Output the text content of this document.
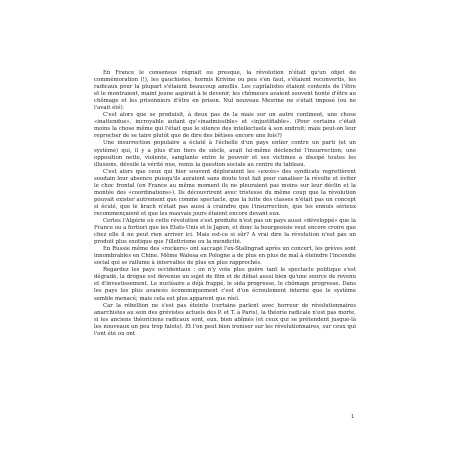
En France le consensus régnait ou presque, la révolution n'était qu'un objet de commémoration (!), les gauchistes, hormis Krivine ou peu s'en faut, s'étaient reconvertis, les radicaux pour la plupart s'étaient beaucoup amollis. Les capitalistes étaient contents de l'être et le montraient, maint jeune aspirait à le devenir, les chômeurs avaient souvent honte d'être au chômage et les prisonniers d'être en prison. Nul nouveau Mesrine ne s'était imposé (ou ne l'avait été).

C'est alors que se produisit, à deux pas de la mais sur un autre continent, une chose «inattendue», incroyable autant qu'«inadmissible» et «injustifiable». (Pour certains c'était moins la chose même qui l'était que le silence des intellectuels à son endroit; mais peut-on leur reprocher de se taire plutôt que de dire des bêtises encore une fois?)

Une insurrection populaire a éclaté à l'échelle d'un pays entier contre un parti (et un système) qui, il y a plus d'un tiers de siècle, avait lui-même déclenché l'insurrection; une opposition nette, violente, sanglante entre le pouvoir et ses victimes a dissipé toutes les illusions, dévoilé la vérité nue, remis la question sociale au centre du tableau.

C'est alors que ceux qui hier souvent déploraient les «excès» des syndicats regrettèrent soudain leur absence puisqu'ils auraient sans doute tout fait pour canaliser la révolte et éviter le choc frontal (en France au même moment ils ne pleuraient pas moins sur leur déclin et la montée des «coordinations»). Ils découvrirent avec tristesse du même coup que la révolution pouvait exister autrement que comme spectacle, que la lutte des classes n'était pas un concept si éculé, que le krach n'était pas aussi à craindre que l'insurrection, que les ennuis sérieux recommençaient et que les mauvais jours étaient encore devant eux.

Certes l'Algérie où cette révolution s'est produite n'est pas un pays aussi «développé» que la France ou a fortiori que les Etats-Unis et le Japon, et donc la bourgeoisie veut encore croire que chez elle il ne peut rien arriver ici. Mais est-ce si sûr? A vrai dire la révolution n'est pas un produit plus exotique que l'illettrisme ou la mendicité.

En Russie même des «rockers» ont saccagé l'ex-Stalingrad après un concert, les grèves sont innombrables en Chine. Même Walesa en Pologne a de plus en plus de mal à éteindre l'incendie social qui se rallume à intervalles de plus en plus rapprochés.

Regardez les pays occidentaux : on n'y vote plus guère tant le spectacle politique s'est dégradé, la drogue est devenue un sujet de film et de débat aussi bien qu'une source de revenu et d'investissement. Le nucléaire a déjà frappé, le sida progresse, le chômage progresse. Dans les pays les plus avancés économiquement c'est d'un écroulement interne que le système semble menacé; mais cela est plus apparent que réel.

Car la rébellion ne s'est pas éteinte (certains parlent avec horreur de révolutionnaires anarchistes au sein des grévistes actuels des P. et T. à Paris), la théorie radicale n'est pas morte, si les anciens théoriciens radicaux sont, eux, bien abîmés (et ceux qui se prétendent jusque-là les nouveaux un peu trop falots). Et l'on peut bien ironiser sur les révolutionnaires, sur ceux qui l'ont été ou ont

1
